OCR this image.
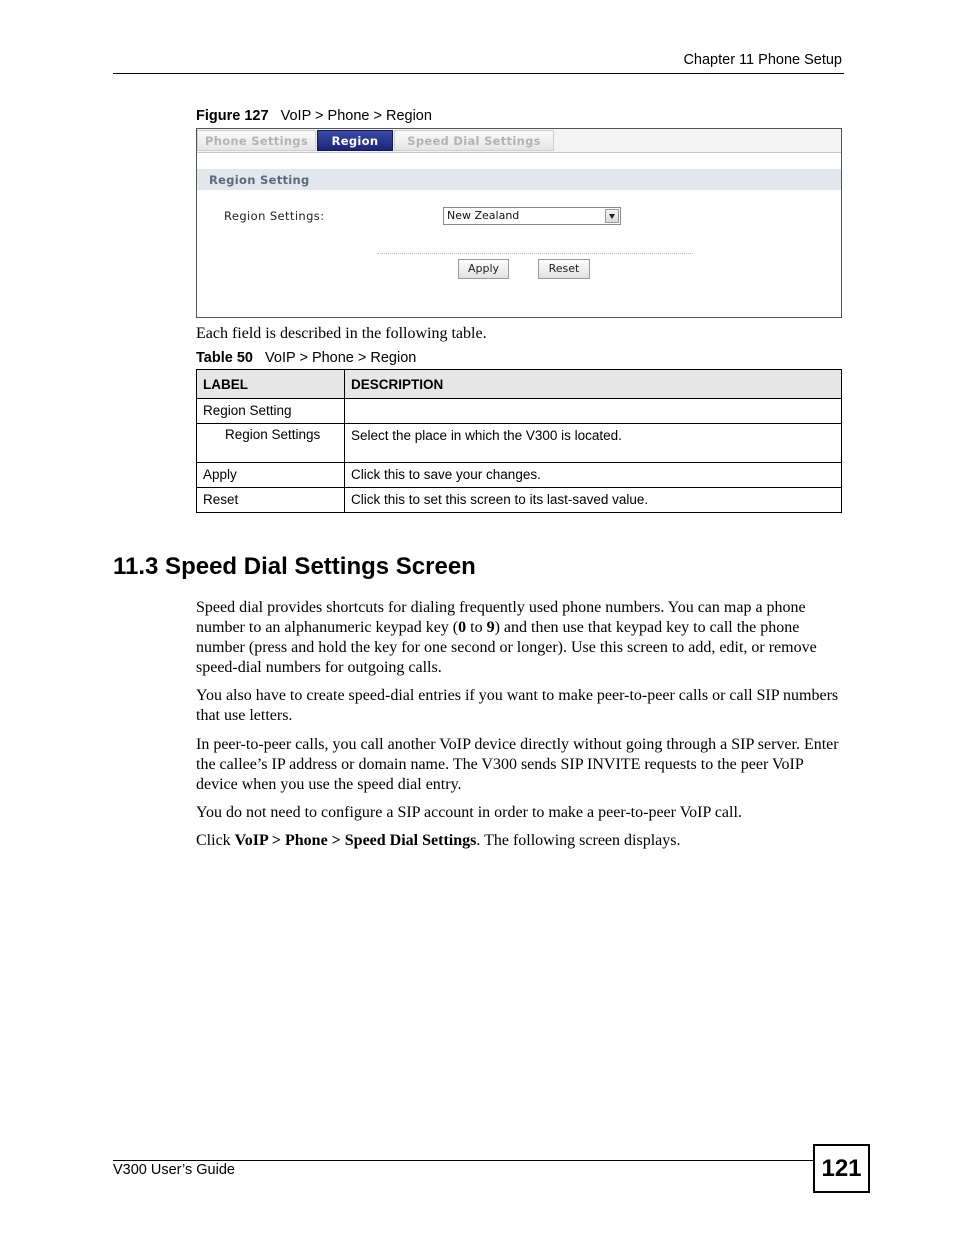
Chapter 11 Phone Setup
Figure 127 VoIP > Phone > Region
Phone Settings	Region	Speed Dial Settings
Region Setting
Region Settings:	New Zealand
Apply	Reset
Each field is described in the following table.
Table 50 VoIP > Phone > Region
LABEL	DESCRIPTION
Region Setting	
Region Settings	Select the place in which the V300 is located.
Apply	Click this to save your changes.
Reset	Click this to set this screen to its last-saved value.
11.3 Speed Dial Settings Screen
Speed dial provides shortcuts for dialing frequently used phone numbers. You can map a phone number to an alphanumeric keypad key (0 to 9) and then use that keypad key to call the phone number (press and hold the key for one second or longer). Use this screen to add, edit, or remove speed-dial numbers for outgoing calls.
You also have to create speed-dial entries if you want to make peer-to-peer calls or call SIP numbers that use letters.
In peer-to-peer calls, you call another VoIP device directly without going through a SIP server. Enter the callee’s IP address or domain name. The V300 sends SIP INVITE requests to the peer VoIP device when you use the speed dial entry.
You do not need to configure a SIP account in order to make a peer-to-peer VoIP call.
Click VoIP > Phone > Speed Dial Settings. The following screen displays.
V300 User’s Guide	121
